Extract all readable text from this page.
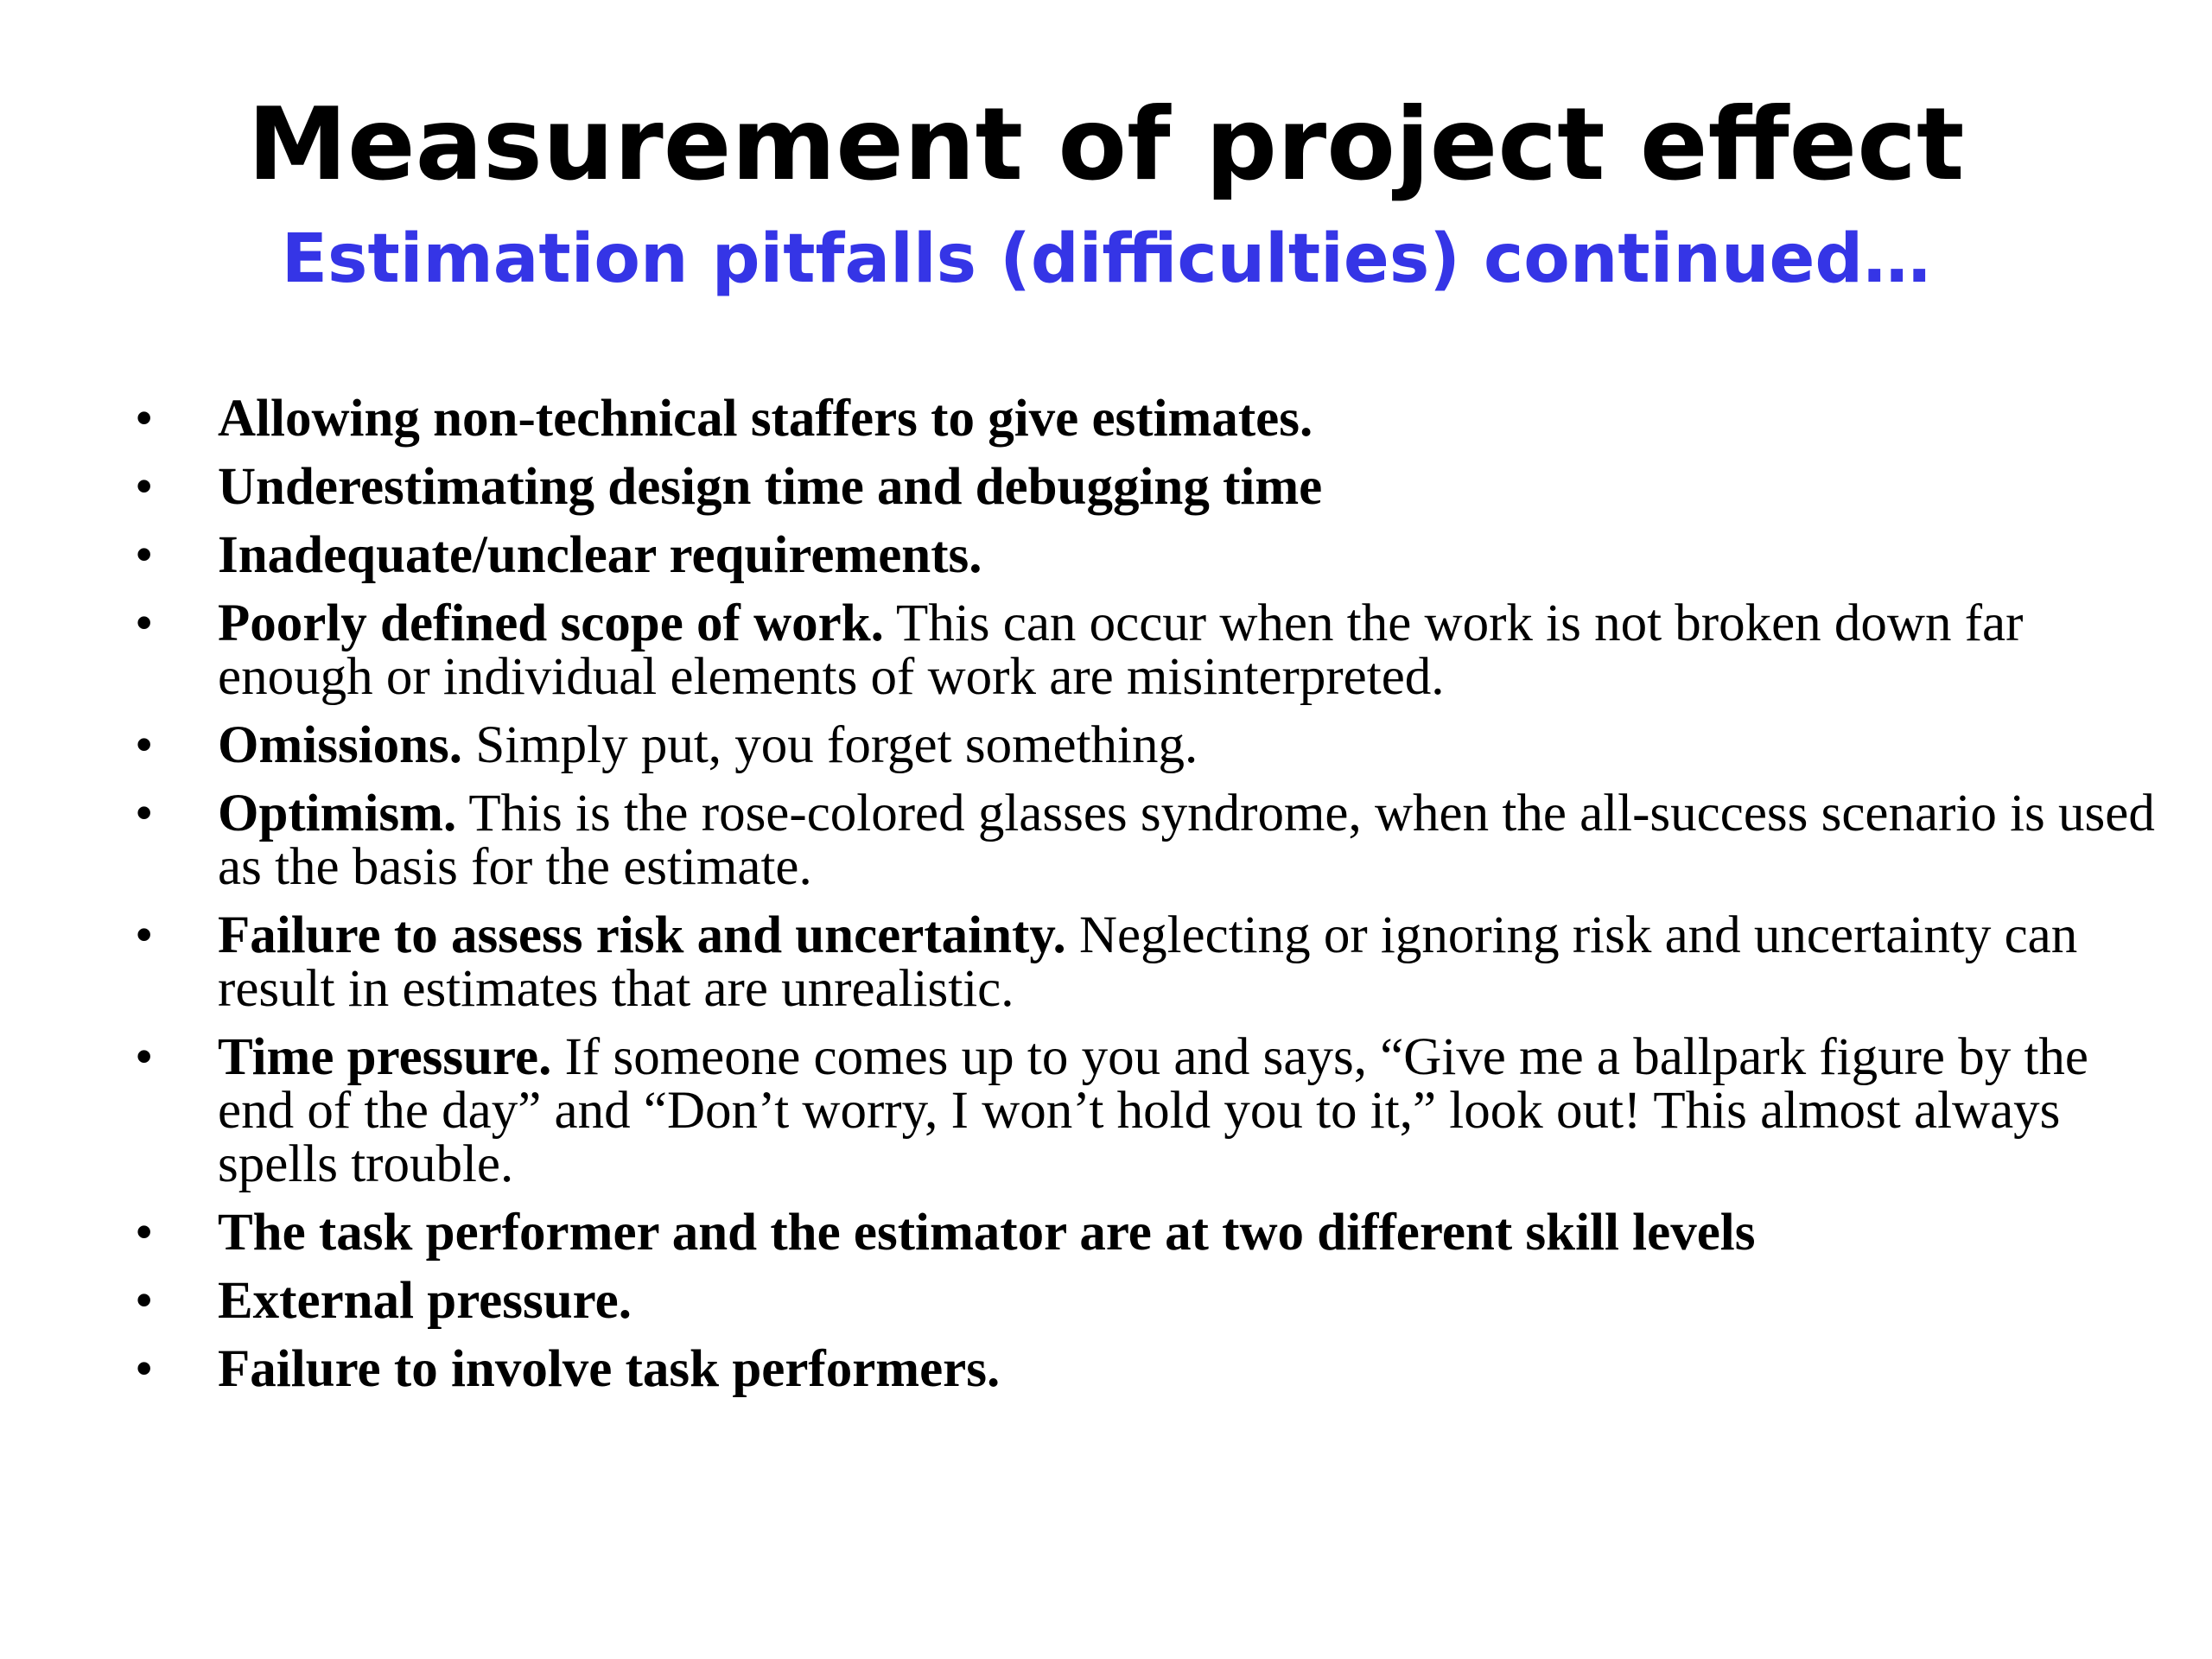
Measurement of project effect
Estimation pitfalls (difficulties) continued…
• Allowing non-technical staffers to give estimates.
• Underestimating design time and debugging time
• Inadequate/unclear requirements.
• Poorly defined scope of work. This can occur when the work is not broken down far enough or individual elements of work are misinterpreted.
• Omissions. Simply put, you forget something.
• Optimism. This is the rose-colored glasses syndrome, when the all-success scenario is used as the basis for the estimate.
• Failure to assess risk and uncertainty. Neglecting or ignoring risk and uncertainty can result in estimates that are unrealistic.
• Time pressure. If someone comes up to you and says, “Give me a ballpark figure by the end of the day” and “Don’t worry, I won’t hold you to it,” look out! This almost always spells trouble.
• The task performer and the estimator are at two different skill levels
• External pressure.
• Failure to involve task performers.
